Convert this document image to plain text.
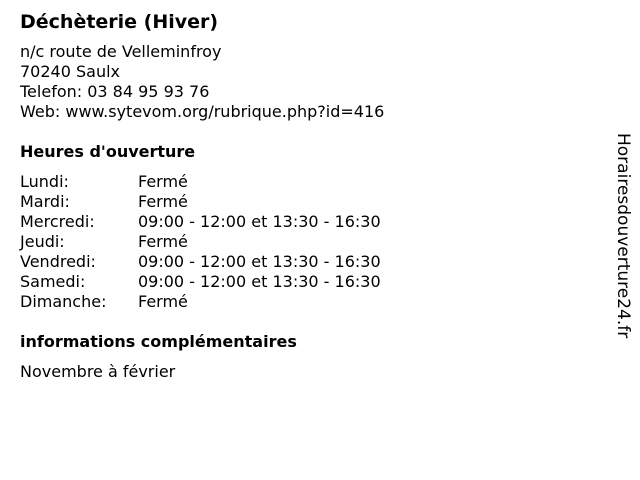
Déchèterie (Hiver)
n/c route de Velleminfroy
70240 Saulx
Telefon: 03 84 95 93 76
Web: www.sytevom.org/rubrique.php?id=416
Heures d'ouverture
Lundi:	Fermé
Mardi:	Fermé
Mercredi:	09:00 - 12:00 et 13:30 - 16:30
Jeudi:	Fermé
Vendredi:	09:00 - 12:00 et 13:30 - 16:30
Samedi:	09:00 - 12:00 et 13:30 - 16:30
Dimanche:	Fermé
informations complémentaires
Novembre à février
Horairesdouverture24.fr
